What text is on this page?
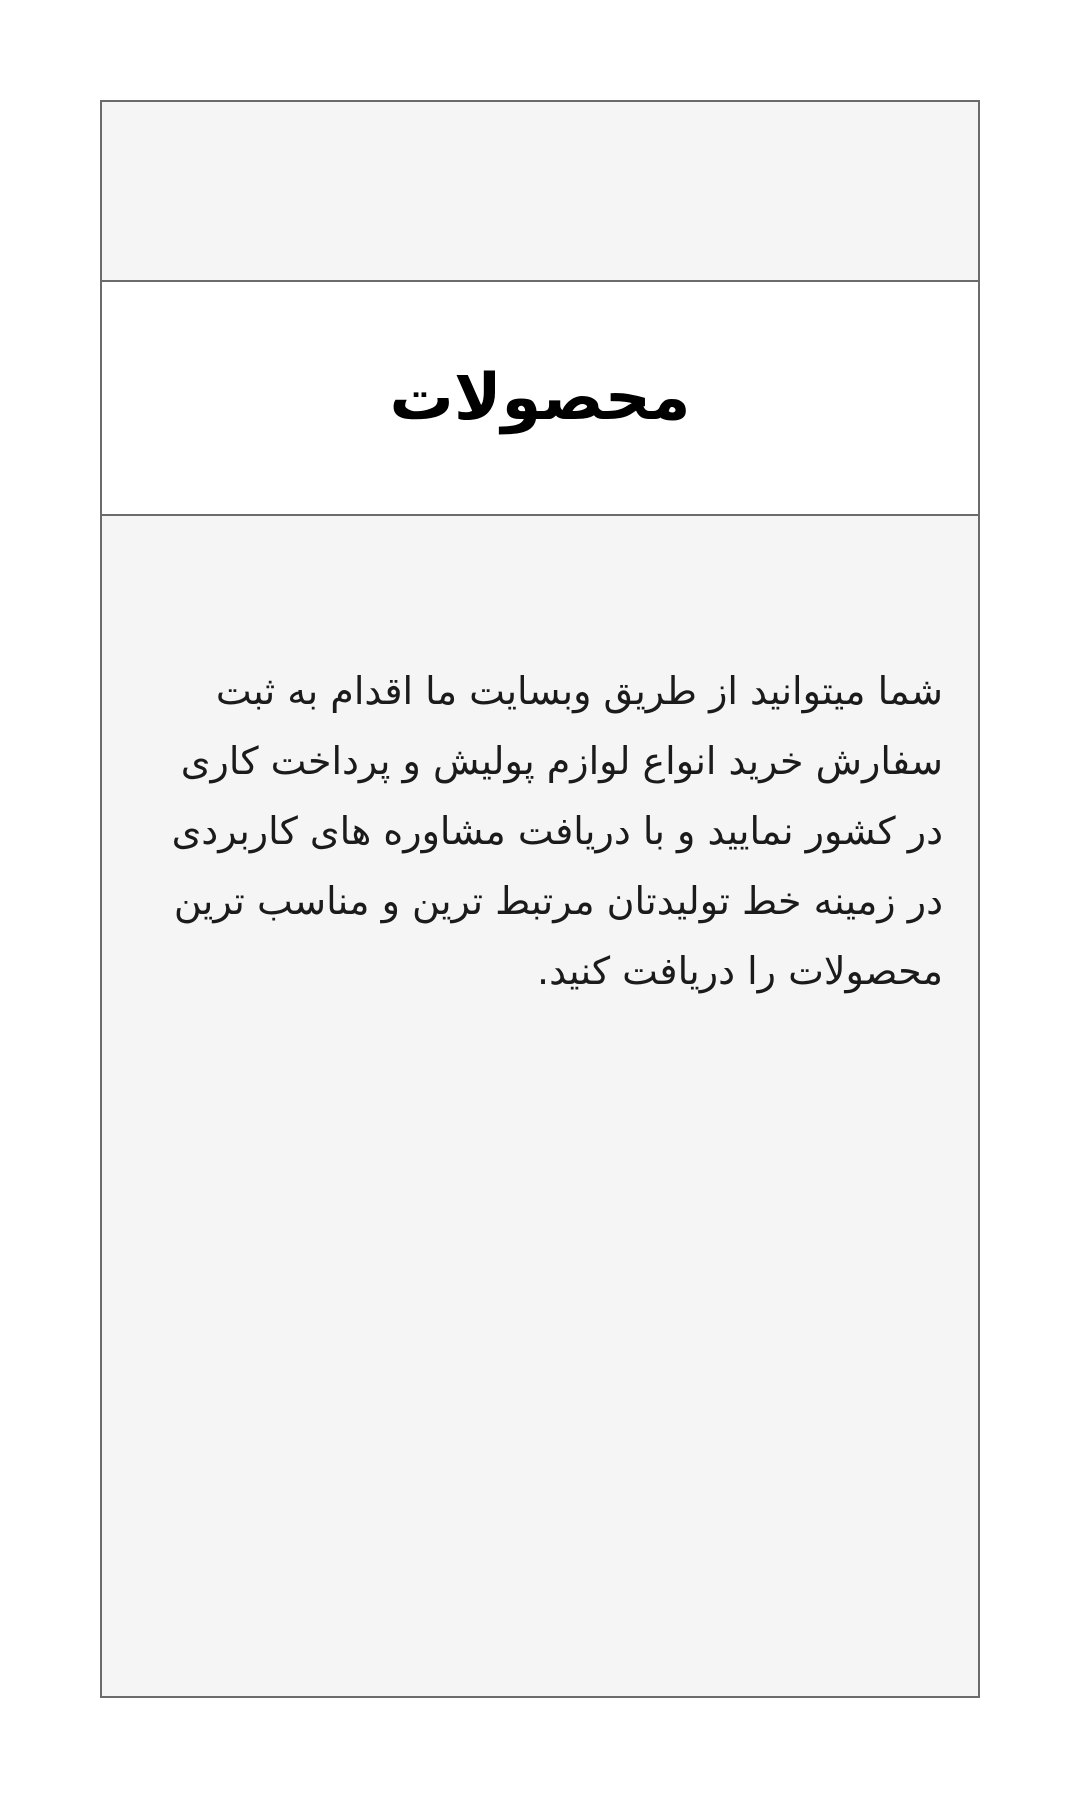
محصولات

شما میتوانید از طریق وبسایت ما اقدام به ثبت سفارش خرید انواع لوازم پولیش و پرداخت کاری در کشور نمایید و با دریافت مشاوره های کاربردی در زمینه خط تولیدتان مرتبط ترین و مناسب ترین محصولات را دریافت کنید.
